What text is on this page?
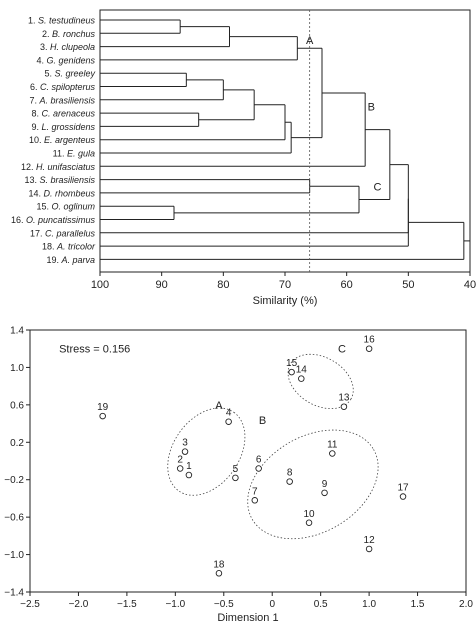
1. S. testudineus
2. B. ronchus
3. H. clupeola
4. G. genidens
5. S. greeley
6. C. spilopterus
7. A. brasiliensis
8. C. arenaceus
9. L. grossidens
10. E. argenteus
11. E. gula
12. H. unifasciatus
13. S. brasiliensis
14. D. rhombeus
15. O. oglinum
16. O. puncatissimus
17. C. parallelus
18. A. tricolor
19. A. parva
A
B
C
100	90	80	70	60	50	40
Similarity (%)
1
2
3
4
5
6
7
8
9
10
11
12
13
14
15
16
17
18
19	A
B
C
−2.5	−2.0	−1.5	−1.0	−0.5	0	0.5	1.0	1.5	2.0
1.4
1.0
0.6
0.2
−0.2
−0.6
−1.0
−1.4
Stress = 0.156
Dimension 1
